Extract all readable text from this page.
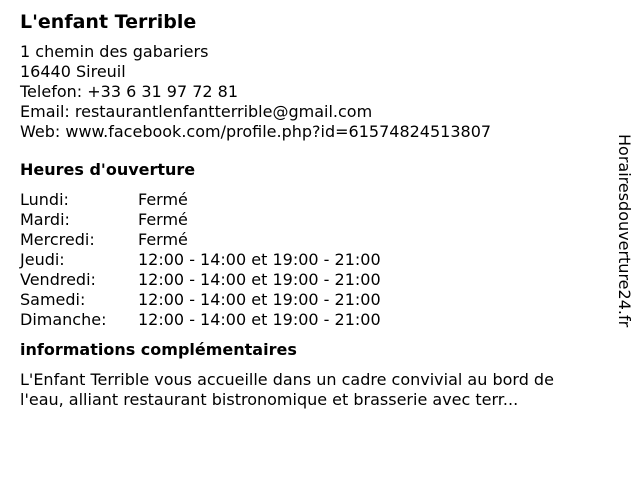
L'enfant Terrible
1 chemin des gabariers
16440 Sireuil
Telefon: +33 6 31 97 72 81
Email: restaurantlenfantterrible@gmail.com
Web: www.facebook.com/profile.php?id=61574824513807
Heures d'ouverture
Lundi:	Fermé
Mardi:	Fermé
Mercredi:	Fermé
Jeudi:	12:00 - 14:00 et 19:00 - 21:00
Vendredi:	12:00 - 14:00 et 19:00 - 21:00
Samedi:	12:00 - 14:00 et 19:00 - 21:00
Dimanche:	12:00 - 14:00 et 19:00 - 21:00
informations complémentaires
L'Enfant Terrible vous accueille dans un cadre convivial au bord de l'eau, alliant restaurant bistronomique et brasserie avec terr...
Horairesdouverture24.fr
